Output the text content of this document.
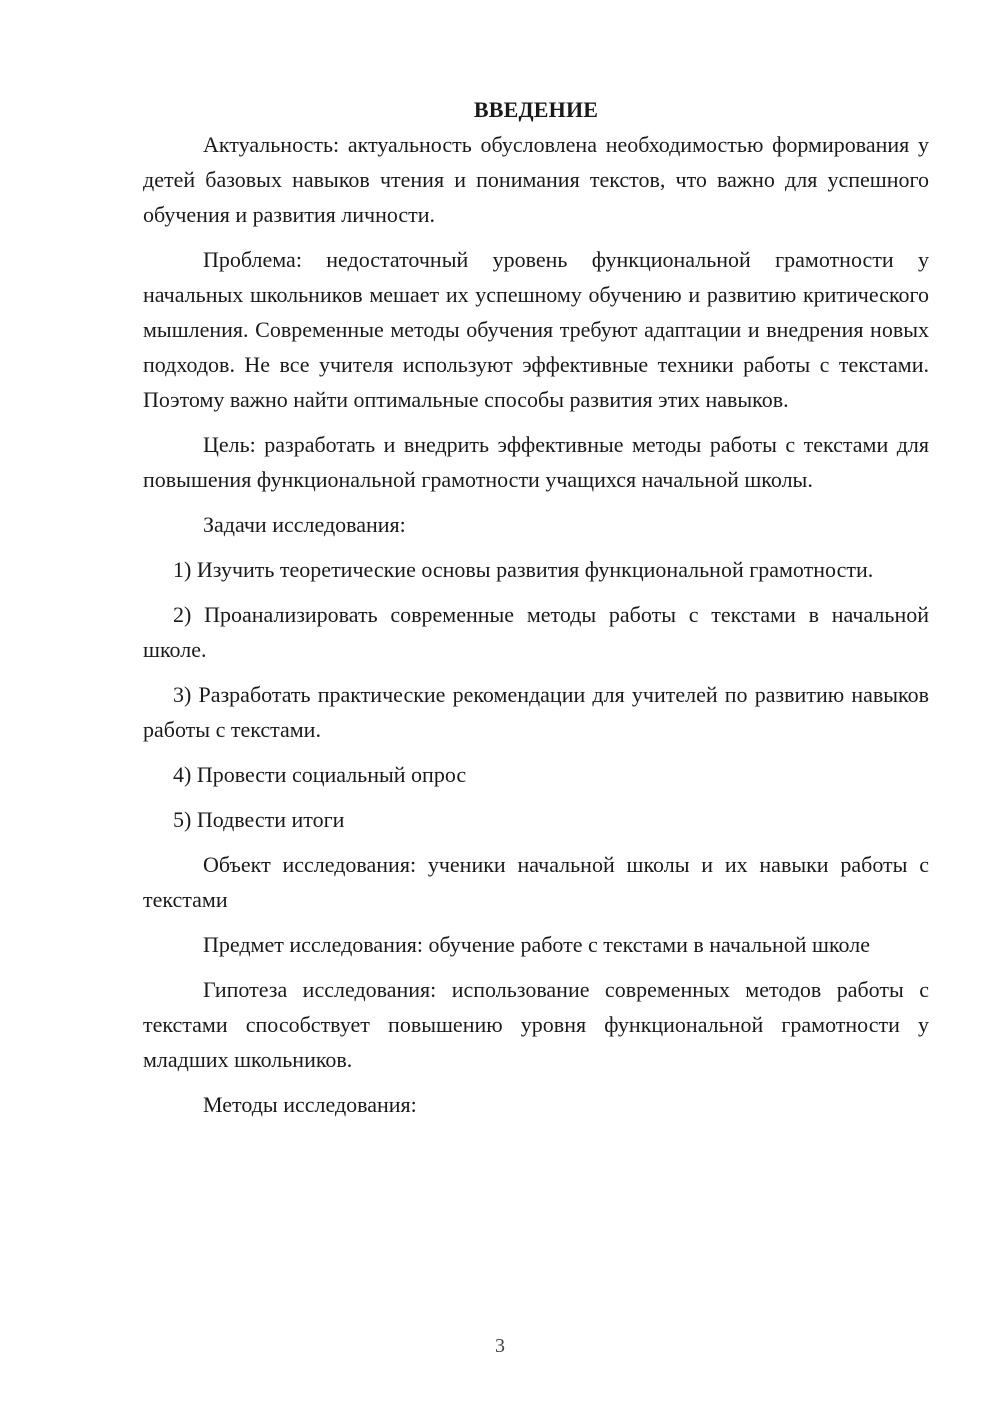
ВВЕДЕНИЕ

Актуальность: актуальность обусловлена необходимостью формирования у детей базовых навыков чтения и понимания текстов, что важно для успешного обучения и развития личности.

Проблема: недостаточный уровень функциональной грамотности у начальных школьников мешает их успешному обучению и развитию критического мышления. Современные методы обучения требуют адаптации и внедрения новых подходов. Не все учителя используют эффективные техники работы с текстами. Поэтому важно найти оптимальные способы развития этих навыков.

Цель: разработать и внедрить эффективные методы работы с текстами для повышения функциональной грамотности учащихся начальной школы.

Задачи исследования:

1) Изучить теоретические основы развития функциональной грамотности.

2) Проанализировать современные методы работы с текстами в начальной школе.

3) Разработать практические рекомендации для учителей по развитию навыков работы с текстами.

4) Провести социальный опрос

5) Подвести итоги

Объект исследования: ученики начальной школы и их навыки работы с текстами

Предмет исследования: обучение работе с текстами в начальной школе

Гипотеза исследования: использование современных методов работы с текстами способствует повышению уровня функциональной грамотности у младших школьников.

Методы исследования:

3
